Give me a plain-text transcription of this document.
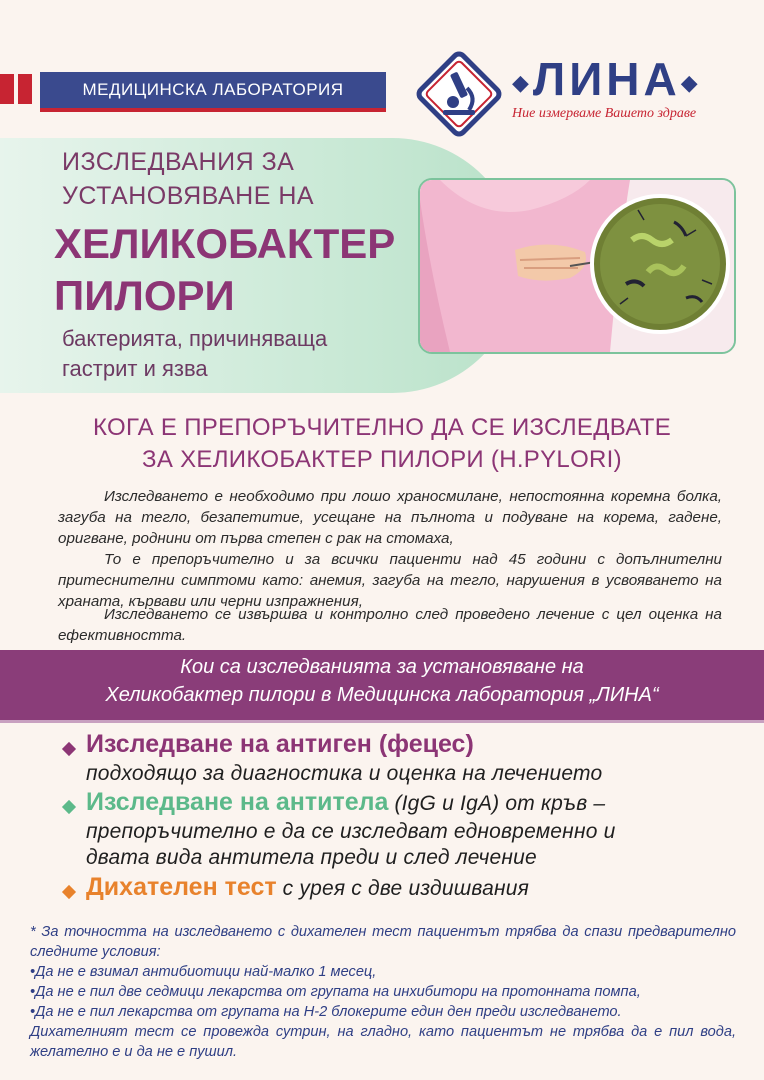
МЕДИЦИНСКА ЛАБОРАТОРИЯ	◆ЛИНА◆
Ние измерваме Вашето здраве
ИЗСЛЕДВАНИЯ ЗА
УСТАНОВЯВАНЕ НА
ХЕЛИКОБАКТЕР
ПИЛОРИ
бактерията, причиняваща
гастрит и язва
КОГА Е ПРЕПОРЪЧИТЕЛНО ДА СЕ ИЗСЛЕДВАТЕ
ЗА ХЕЛИКОБАКТЕР ПИЛОРИ (H.PYLORI)
Изследването е необходимо при лошо храносмилане, непостоянна коремна болка, загуба на тегло, безапетитие, усещане на пълнота и подуване на корема, гадене, оригване, роднини от първа степен с рак на стомаха,
То е препоръчително и за всички пациенти над 45 години с допълнителни притеснителни симптоми като: анемия, загуба на тегло, нарушения в усвояването на храната, кървави или черни изпражнения,
Изследването се извършва и контролно след проведено лечение с цел оценка на ефективността.
Кои са изследванията за установяване на
Хеликобактер пилори в Медицинска лаборатория „ЛИНА“
Изследване на антиген (фецес)
подходящо за диагностика и оценка на лечението
Изследване на антитела (IgG и IgA) от кръв –
препоръчително е да се изследват едновременно и
двата вида антитела преди и след лечение
Дихателен тест с урея с две издишвания
* За точността на изследването с дихателен тест пациентът трябва да спази предварително следните условия:
•Да не е взимал антибиотици най-малко 1 месец,
•Да не е пил две седмици лекарства от групата на инхибитори на протонната помпа,
•Да не е пил лекарства от групата на H-2 блокерите един ден преди изследването.
Дихателният тест се провежда сутрин, на гладно, като пациентът не трябва да е пил вода, желателно е и да не е пушил.
